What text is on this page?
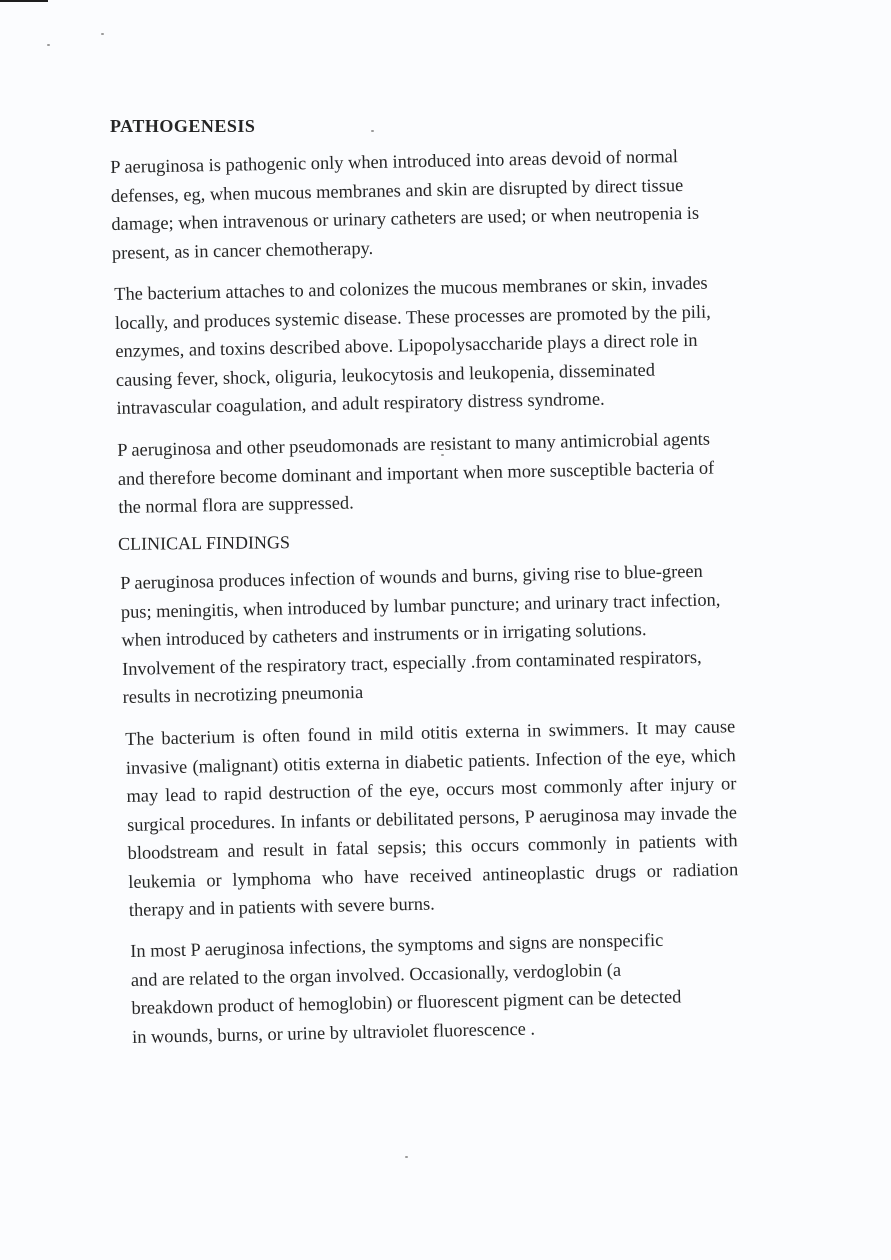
PATHOGENESIS

P aeruginosa is pathogenic only when introduced into areas devoid of normal defenses, eg, when mucous membranes and skin are disrupted by direct tissue damage; when intravenous or urinary catheters are used; or when neutropenia is present, as in cancer chemotherapy.

The bacterium attaches to and colonizes the mucous membranes or skin, invades locally, and produces systemic disease. These processes are promoted by the pili, enzymes, and toxins described above. Lipopolysaccharide plays a direct role in causing fever, shock, oliguria, leukocytosis and leukopenia, disseminated intravascular coagulation, and adult respiratory distress syndrome.

P aeruginosa and other pseudomonads are resistant to many antimicrobial agents and therefore become dominant and important when more susceptible bacteria of the normal flora are suppressed.

CLINICAL FINDINGS

P aeruginosa produces infection of wounds and burns, giving rise to blue-green pus; meningitis, when introduced by lumbar puncture; and urinary tract infection, when introduced by catheters and instruments or in irrigating solutions. Involvement of the respiratory tract, especially .from contaminated respirators, results in necrotizing pneumonia

The bacterium is often found in mild otitis externa in swimmers. It may cause invasive (malignant) otitis externa in diabetic patients. Infection of the eye, which may lead to rapid destruction of the eye, occurs most commonly after injury or surgical procedures. In infants or debilitated persons, P aeruginosa may invade the bloodstream and result in fatal sepsis; this occurs commonly in patients with leukemia or lymphoma who have received antineoplastic drugs or radiation therapy and in patients with severe burns.

In most P aeruginosa infections, the symptoms and signs are nonspecific and are related to the organ involved. Occasionally, verdoglobin (a breakdown product of hemoglobin) or fluorescent pigment can be detected in wounds, burns, or urine by ultraviolet fluorescence .
